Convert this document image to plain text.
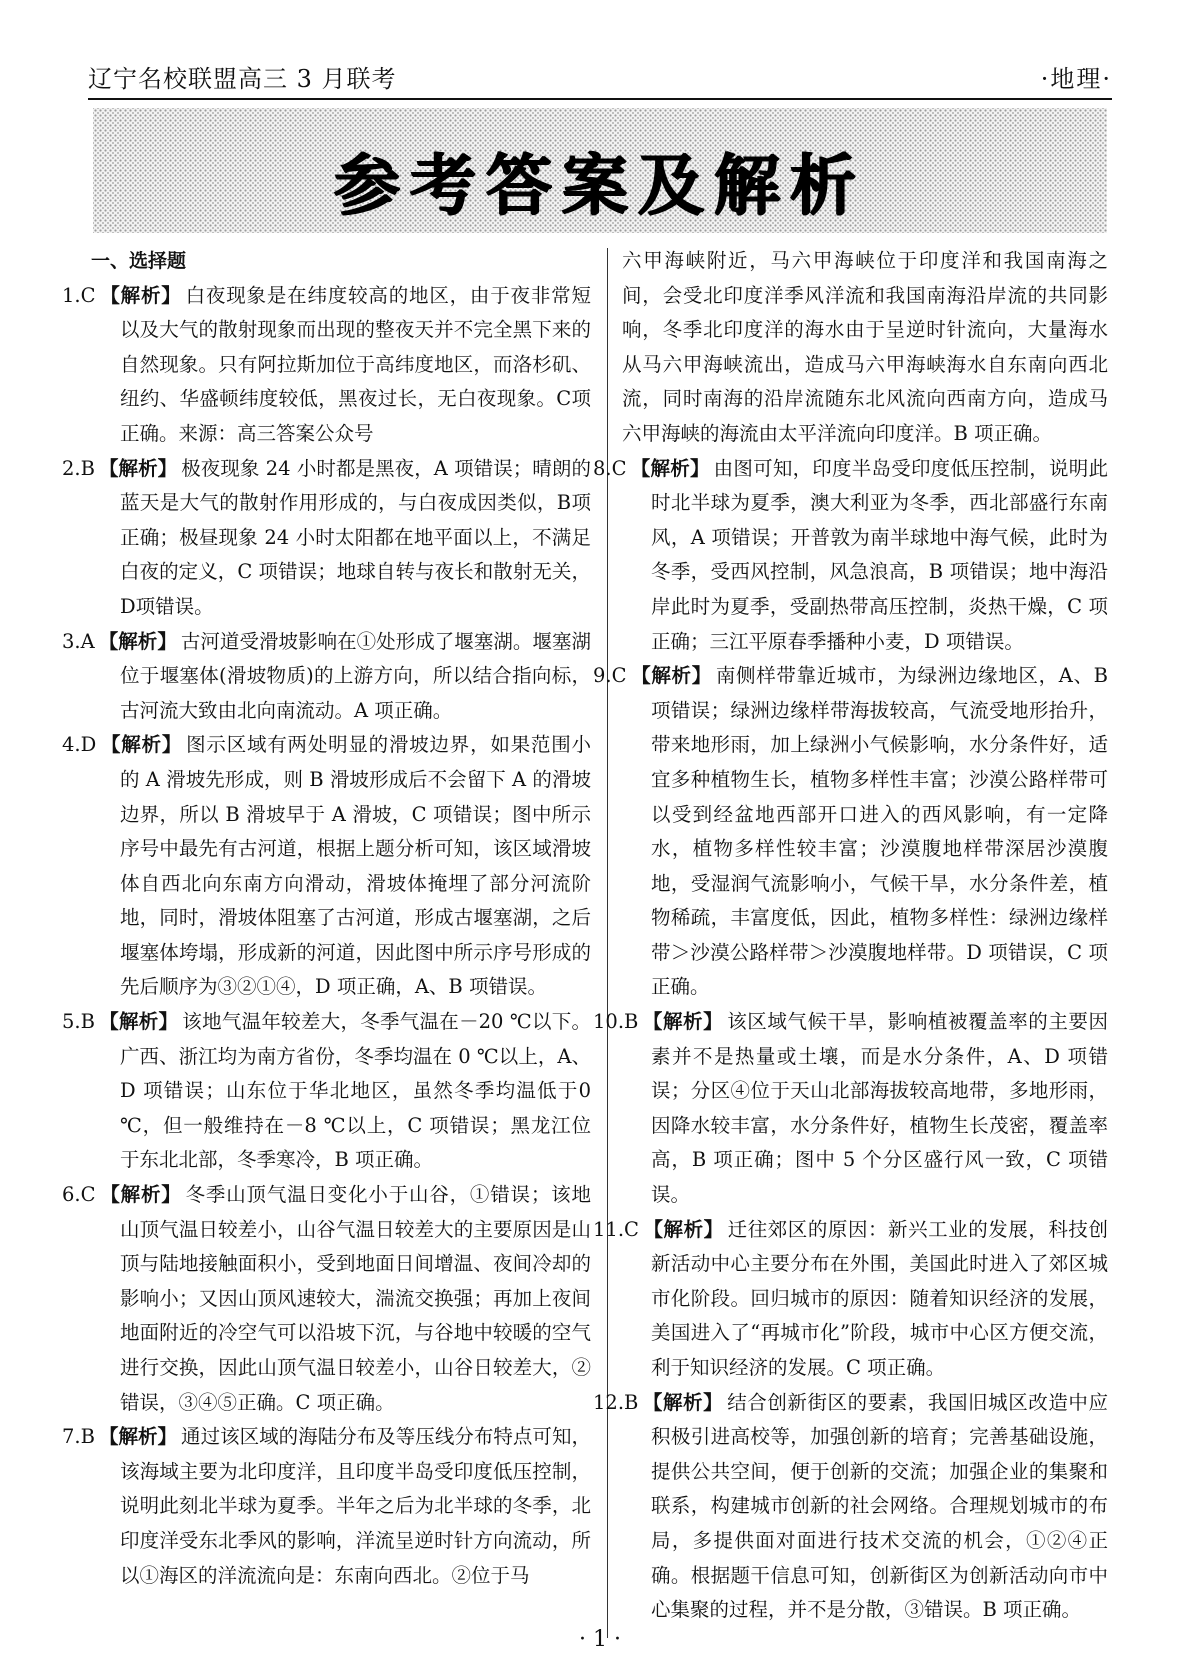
辽宁名校联盟高三 3 月联考	·地理·
参考答案及解析
一、选择题
1.C 【解析】 白夜现象是在纬度较高的地区，由于夜非常短以及大气的散射现象而出现的整夜天并不完全黑下来的自然现象。只有阿拉斯加位于高纬度地区，而洛杉矶、纽约、华盛顿纬度较低，黑夜过长，无白夜现象。C项正确。来源：高三答案公众号
2.B 【解析】 极夜现象 24 小时都是黑夜，A 项错误；晴朗的蓝天是大气的散射作用形成的，与白夜成因类似，B项正确；极昼现象 24 小时太阳都在地平面以上，不满足白夜的定义，C 项错误；地球自转与夜长和散射无关，D项错误。
3.A 【解析】 古河道受滑坡影响在①处形成了堰塞湖。堰塞湖位于堰塞体(滑坡物质)的上游方向，所以结合指向标，古河流大致由北向南流动。A 项正确。
4.D 【解析】 图示区域有两处明显的滑坡边界，如果范围小的 A 滑坡先形成，则 B 滑坡形成后不会留下 A 的滑坡边界，所以 B 滑坡早于 A 滑坡，C 项错误；图中所示序号中最先有古河道，根据上题分析可知，该区域滑坡体自西北向东南方向滑动，滑坡体掩埋了部分河流阶地，同时，滑坡体阻塞了古河道，形成古堰塞湖，之后堰塞体垮塌，形成新的河道，因此图中所示序号形成的先后顺序为③②①④，D 项正确，A、B 项错误。
5.B 【解析】 该地气温年较差大，冬季气温在－20 ℃以下。广西、浙江均为南方省份，冬季均温在 0 ℃以上，A、D 项错误；山东位于华北地区，虽然冬季均温低于0 ℃，但一般维持在－8 ℃以上，C 项错误；黑龙江位于东北北部，冬季寒冷，B 项正确。
6.C 【解析】 冬季山顶气温日变化小于山谷，①错误；该地山顶气温日较差小，山谷气温日较差大的主要原因是山顶与陆地接触面积小，受到地面日间增温、夜间冷却的影响小；又因山顶风速较大，湍流交换强；再加上夜间地面附近的冷空气可以沿坡下沉，与谷地中较暖的空气进行交换，因此山顶气温日较差小，山谷日较差大，②错误，③④⑤正确。C 项正确。
7.B 【解析】 通过该区域的海陆分布及等压线分布特点可知，该海域主要为北印度洋，且印度半岛受印度低压控制，说明此刻北半球为夏季。半年之后为北半球的冬季，北印度洋受东北季风的影响，洋流呈逆时针方向流动，所以①海区的洋流流向是：东南向西北。②位于马
六甲海峡附近，马六甲海峡位于印度洋和我国南海之间，会受北印度洋季风洋流和我国南海沿岸流的共同影响，冬季北印度洋的海水由于呈逆时针流向，大量海水从马六甲海峡流出，造成马六甲海峡海水自东南向西北流，同时南海的沿岸流随东北风流向西南方向，造成马六甲海峡的海流由太平洋流向印度洋。B 项正确。
8.C 【解析】 由图可知，印度半岛受印度低压控制，说明此时北半球为夏季，澳大利亚为冬季，西北部盛行东南风，A 项错误；开普敦为南半球地中海气候，此时为冬季，受西风控制，风急浪高，B 项错误；地中海沿岸此时为夏季，受副热带高压控制，炎热干燥，C 项正确；三江平原春季播种小麦，D 项错误。
9.C 【解析】 南侧样带靠近城市，为绿洲边缘地区，A、B项错误；绿洲边缘样带海拔较高，气流受地形抬升，带来地形雨，加上绿洲小气候影响，水分条件好，适宜多种植物生长，植物多样性丰富；沙漠公路样带可以受到经盆地西部开口进入的西风影响，有一定降水，植物多样性较丰富；沙漠腹地样带深居沙漠腹地，受湿润气流影响小，气候干旱，水分条件差，植物稀疏，丰富度低，因此，植物多样性：绿洲边缘样带＞沙漠公路样带＞沙漠腹地样带。D 项错误，C 项正确。
10.B 【解析】 该区域气候干旱，影响植被覆盖率的主要因素并不是热量或土壤，而是水分条件，A、D 项错误；分区④位于天山北部海拔较高地带，多地形雨，因降水较丰富，水分条件好，植物生长茂密，覆盖率高，B 项正确；图中 5 个分区盛行风一致，C 项错误。
11.C 【解析】 迁往郊区的原因：新兴工业的发展，科技创新活动中心主要分布在外围，美国此时进入了郊区城市化阶段。回归城市的原因：随着知识经济的发展，美国进入了“再城市化”阶段，城市中心区方便交流，利于知识经济的发展。C 项正确。
12.B 【解析】 结合创新街区的要素，我国旧城区改造中应积极引进高校等，加强创新的培育；完善基础设施，提供公共空间，便于创新的交流；加强企业的集聚和联系，构建城市创新的社会网络。合理规划城市的布局，多提供面对面进行技术交流的机会，①②④正确。根据题干信息可知，创新街区为创新活动向市中心集聚的过程，并不是分散，③错误。B 项正确。
· 1 ·
